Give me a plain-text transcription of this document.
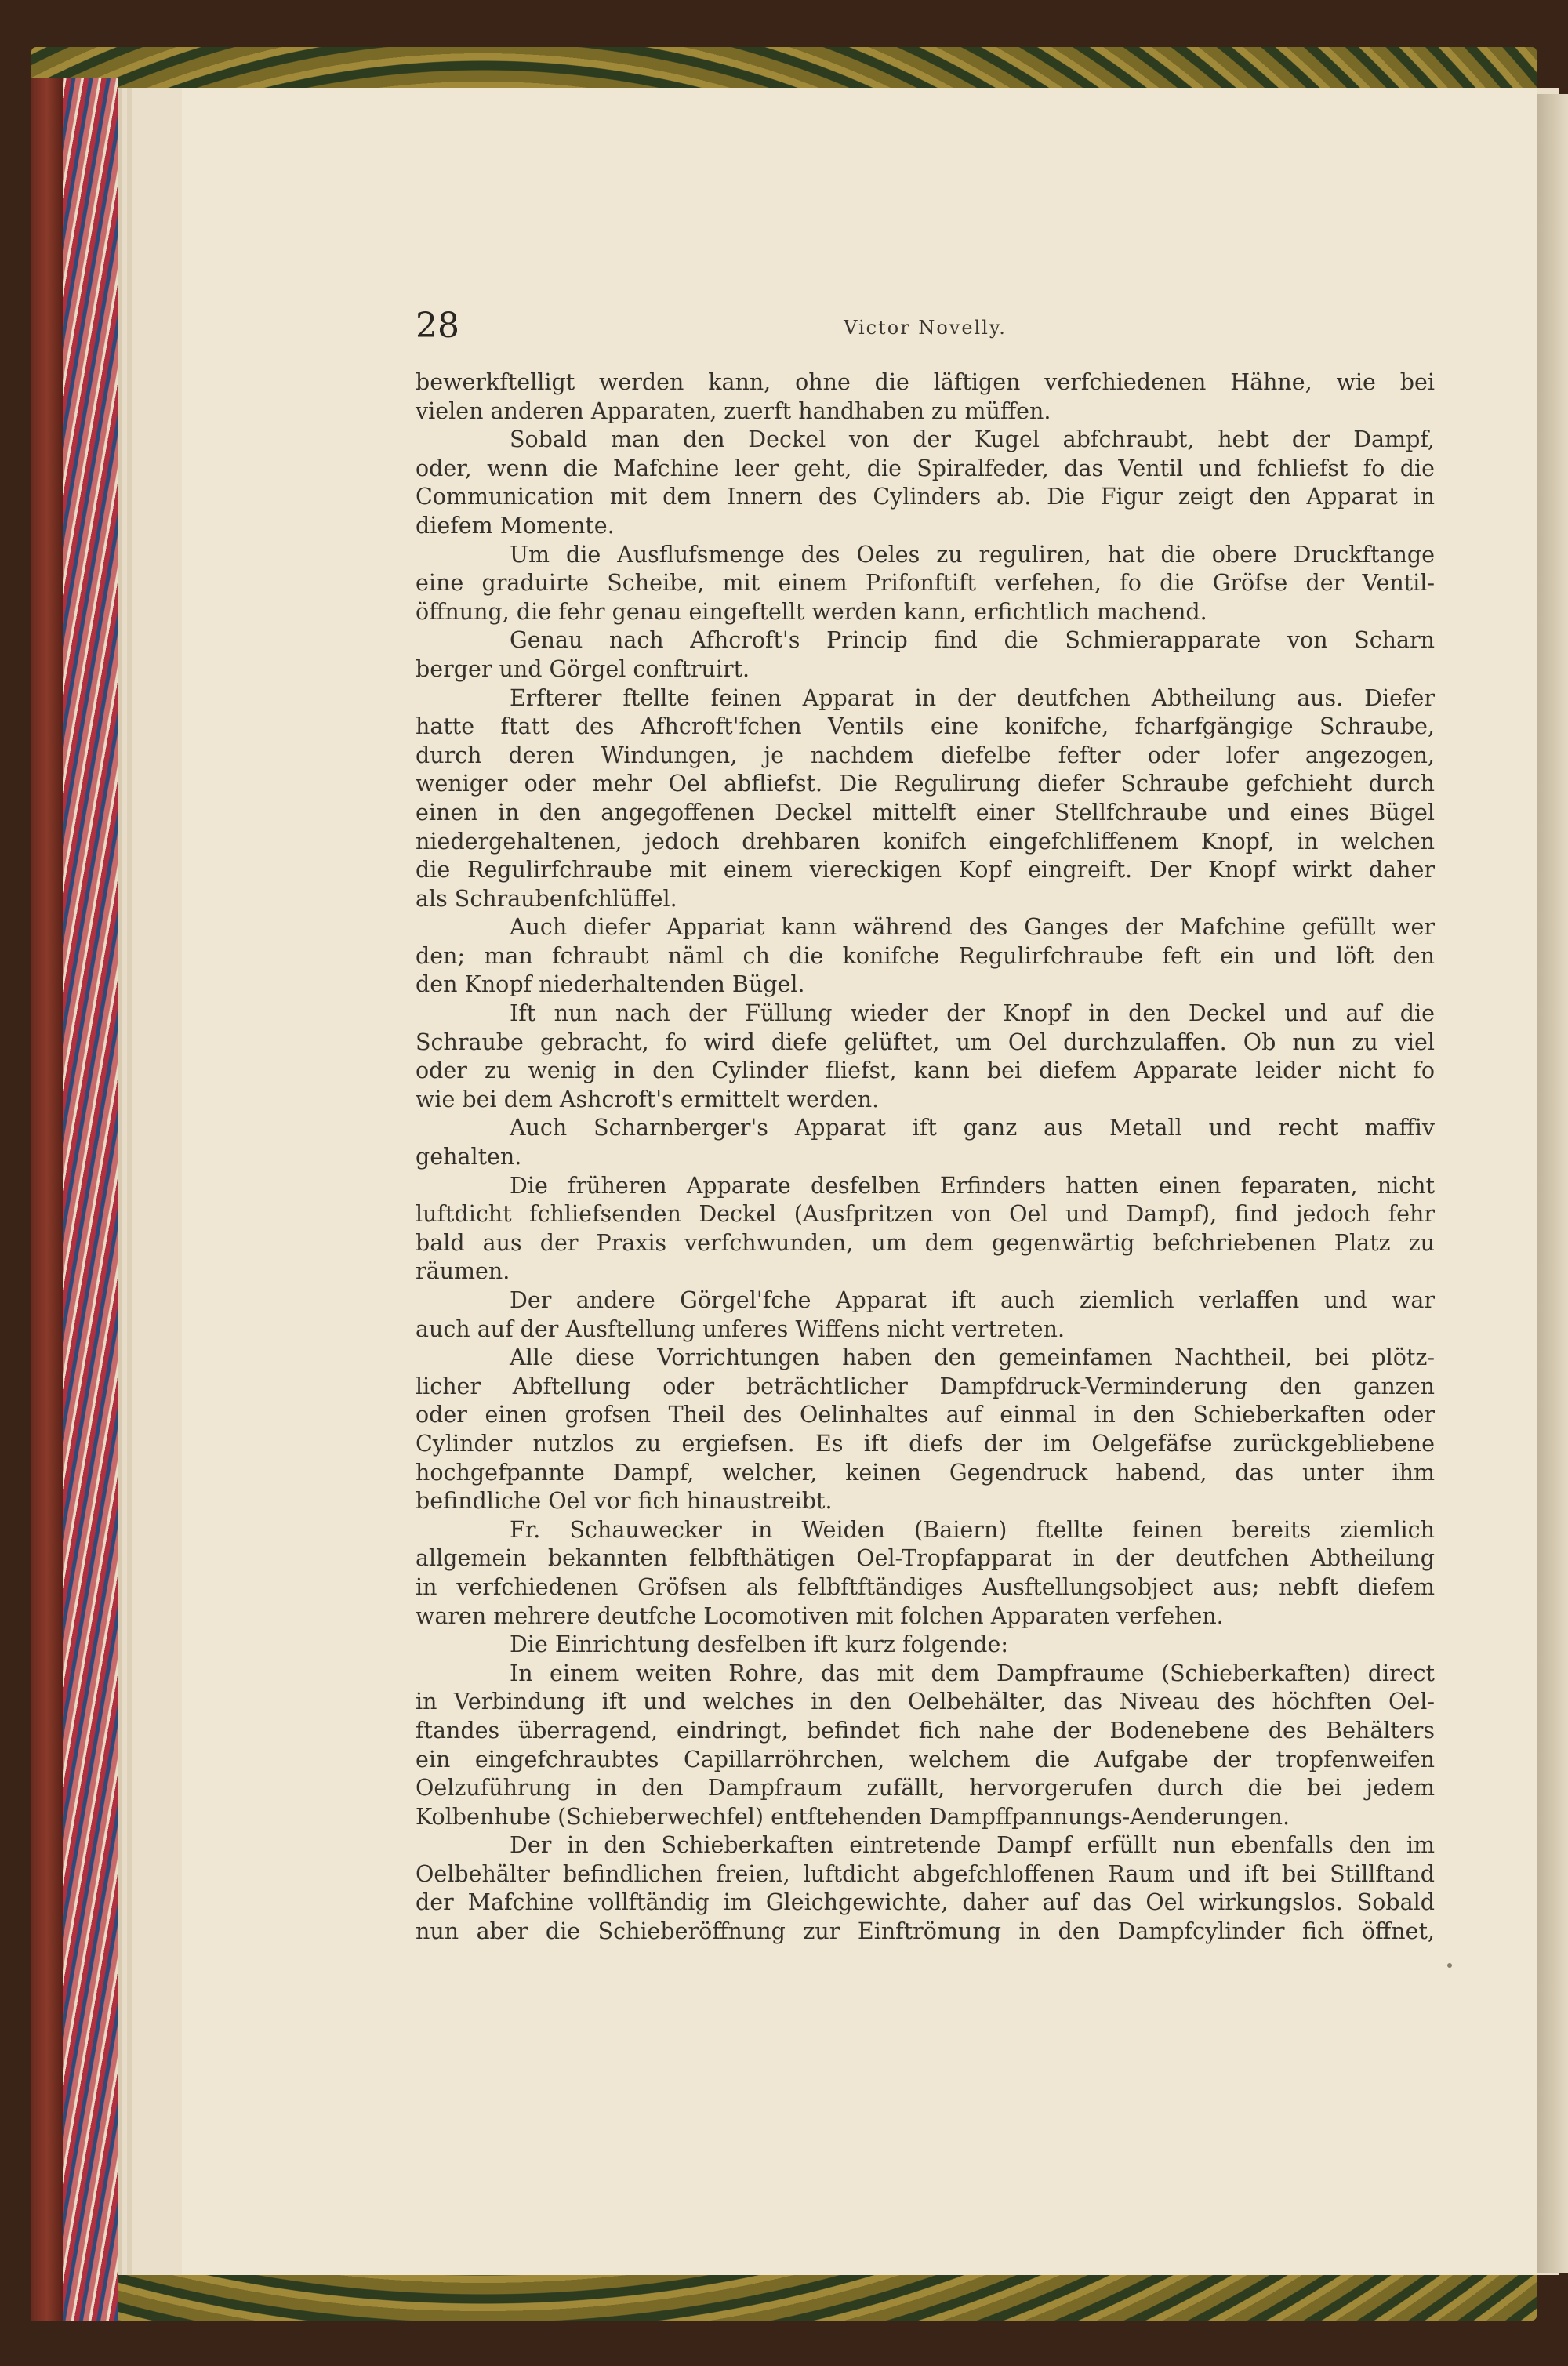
28	Victor Novelly.
bewerkftelligt werden kann, ohne die läftigen verfchiedenen Hähne, wie bei
vielen anderen Apparaten, zuerft handhaben zu müffen.
Sobald man den Deckel von der Kugel abfchraubt, hebt der Dampf,
oder, wenn die Mafchine leer geht, die Spiralfeder, das Ventil und fchliefst fo die
Communication mit dem Innern des Cylinders ab. Die Figur zeigt den Apparat in
diefem Momente.
Um die Ausflufsmenge des Oeles zu reguliren, hat die obere Druckftange
eine graduirte Scheibe, mit einem Prifonftift verfehen, fo die Gröfse der Ventil-
öffnung, die fehr genau eingeftellt werden kann, erfichtlich machend.
Genau nach Afhcroft's Princip find die Schmierapparate von Scharn
berger und Görgel conftruirt.
Erfterer ftellte feinen Apparat in der deutfchen Abtheilung aus. Diefer
hatte ftatt des Afhcroft'fchen Ventils eine konifche, fcharfgängige Schraube,
durch deren Windungen, je nachdem diefelbe fefter oder lofer angezogen,
weniger oder mehr Oel abfliefst. Die Regulirung diefer Schraube gefchieht durch
einen in den angegoffenen Deckel mittelft einer Stellfchraube und eines Bügel
niedergehaltenen, jedoch drehbaren konifch eingefchliffenem Knopf, in welchen
die Regulirfchraube mit einem viereckigen Kopf eingreift. Der Knopf wirkt daher
als Schraubenfchlüffel.
Auch diefer Appariat kann während des Ganges der Mafchine gefüllt wer
den; man fchraubt näml ch die konifche Regulirfchraube feft ein und löft den
den Knopf niederhaltenden Bügel.
Ift nun nach der Füllung wieder der Knopf in den Deckel und auf die
Schraube gebracht, fo wird diefe gelüftet, um Oel durchzulaffen. Ob nun zu viel
oder zu wenig in den Cylinder fliefst, kann bei diefem Apparate leider nicht fo
wie bei dem Ashcroft's ermittelt werden.
Auch Scharnberger's Apparat ift ganz aus Metall und recht maffiv
gehalten.
Die früheren Apparate desfelben Erfinders hatten einen feparaten, nicht
luftdicht fchliefsenden Deckel (Ausfpritzen von Oel und Dampf), find jedoch fehr
bald aus der Praxis verfchwunden, um dem gegenwärtig befchriebenen Platz zu
räumen.
Der andere Görgel'fche Apparat ift auch ziemlich verlaffen und war
auch auf der Ausftellung unferes Wiffens nicht vertreten.
Alle diese Vorrichtungen haben den gemeinfamen Nachtheil, bei plötz-
licher Abftellung oder beträchtlicher Dampfdruck-Verminderung den ganzen
oder einen grofsen Theil des Oelinhaltes auf einmal in den Schieberkaften oder
Cylinder nutzlos zu ergiefsen. Es ift diefs der im Oelgefäfse zurückgebliebene
hochgefpannte Dampf, welcher, keinen Gegendruck habend, das unter ihm
befindliche Oel vor fich hinaustreibt.
Fr. Schauwecker in Weiden (Baiern) ftellte feinen bereits ziemlich
allgemein bekannten felbfthätigen Oel-Tropfapparat in der deutfchen Abtheilung
in verfchiedenen Gröfsen als felbftftändiges Ausftellungsobject aus; nebft diefem
waren mehrere deutfche Locomotiven mit folchen Apparaten verfehen.
Die Einrichtung desfelben ift kurz folgende:
In einem weiten Rohre, das mit dem Dampfraume (Schieberkaften) direct
in Verbindung ift und welches in den Oelbehälter, das Niveau des höchften Oel-
ftandes überragend, eindringt, befindet fich nahe der Bodenebene des Behälters
ein eingefchraubtes Capillarröhrchen, welchem die Aufgabe der tropfenweifen
Oelzuführung in den Dampfraum zufällt, hervorgerufen durch die bei jedem
Kolbenhube (Schieberwechfel) entftehenden Dampffpannungs-Aenderungen.
Der in den Schieberkaften eintretende Dampf erfüllt nun ebenfalls den im
Oelbehälter befindlichen freien, luftdicht abgefchloffenen Raum und ift bei Stillftand
der Mafchine vollftändig im Gleichgewichte, daher auf das Oel wirkungslos. Sobald
nun aber die Schieberöffnung zur Einftrömung in den Dampfcylinder fich öffnet,
